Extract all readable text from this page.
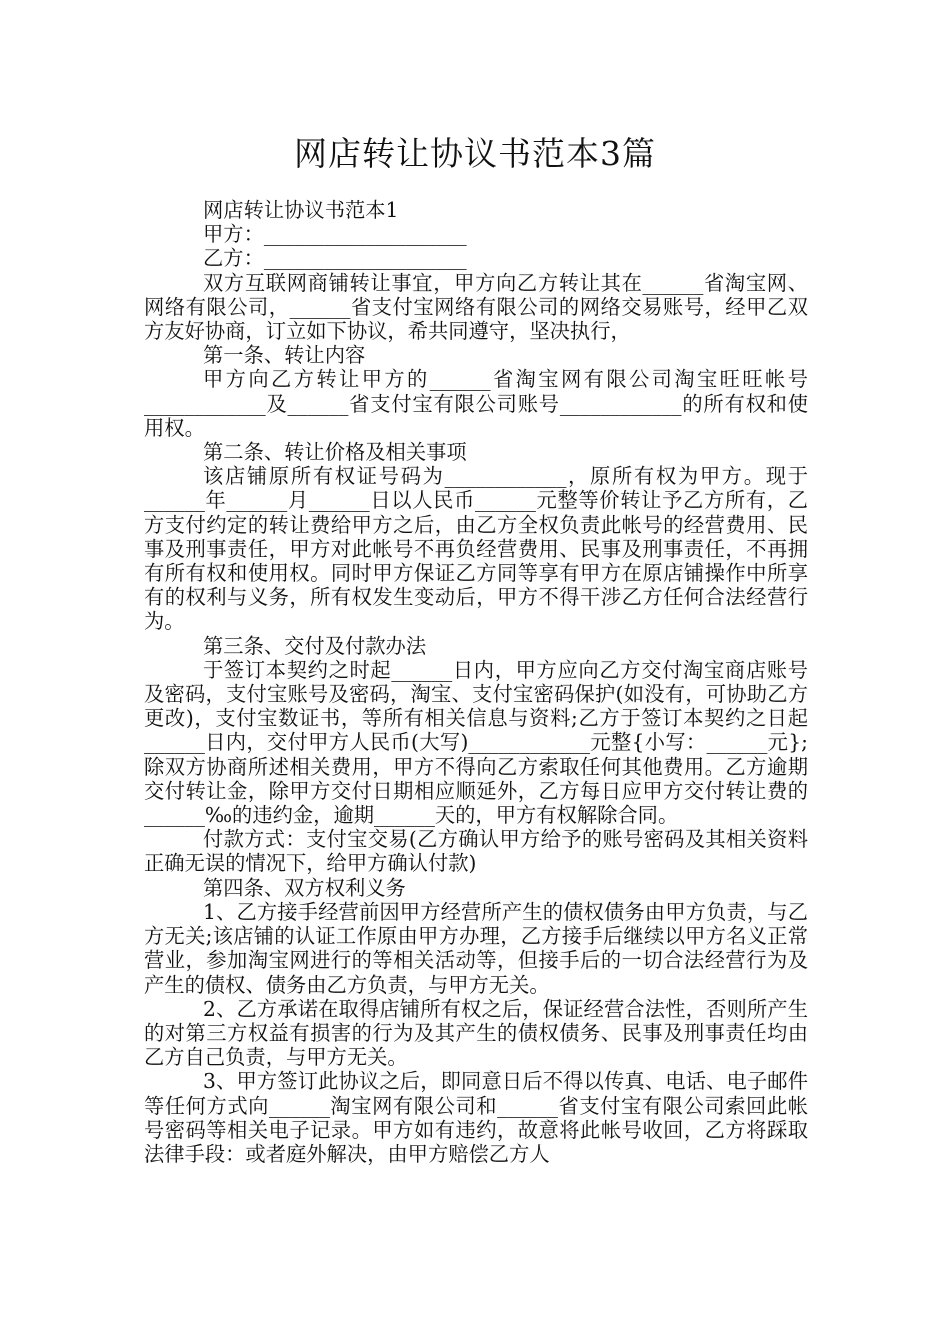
网店转让协议书范本3篇

网店转让协议书范本1

甲方：____________________

乙方：____________________

双方互联网商铺转让事宜，甲方向乙方转让其在______省淘宝网、网络有限公司，______省支付宝网络有限公司的网络交易账号，经甲乙双方友好协商，订立如下协议，希共同遵守，坚决执行，

第一条、转让内容

甲方向乙方转让甲方的______省淘宝网有限公司淘宝旺旺帐号____________及______省支付宝有限公司账号____________的所有权和使用权。

第二条、转让价格及相关事项

该店铺原所有权证号码为____________，原所有权为甲方。现于______年______月______日以人民币______元整等价转让予乙方所有，乙方支付约定的转让费给甲方之后，由乙方全权负责此帐号的经营费用、民事及刑事责任，甲方对此帐号不再负经营费用、民事及刑事责任，不再拥有所有权和使用权。同时甲方保证乙方同等享有甲方在原店铺操作中所享有的权利与义务，所有权发生变动后，甲方不得干涉乙方任何合法经营行为。

第三条、交付及付款办法

于签订本契约之时起______日内，甲方应向乙方交付淘宝商店账号及密码，支付宝账号及密码，淘宝、支付宝密码保护(如没有，可协助乙方更改)，支付宝数证书，等所有相关信息与资料;乙方于签订本契约之日起______日内，交付甲方人民币(大写)____________元整{小写：______元};除双方协商所述相关费用，甲方不得向乙方索取任何其他费用。乙方逾期交付转让金，除甲方交付日期相应顺延外，乙方每日应甲方交付转让费的______‰的违约金，逾期______天的，甲方有权解除合同。

付款方式：支付宝交易(乙方确认甲方给予的账号密码及其相关资料正确无误的情况下，给甲方确认付款)

第四条、双方权利义务

1、乙方接手经营前因甲方经营所产生的债权债务由甲方负责，与乙方无关;该店铺的认证工作原由甲方办理，乙方接手后继续以甲方名义正常营业，参加淘宝网进行的等相关活动等，但接手后的一切合法经营行为及产生的债权、债务由乙方负责，与甲方无关。

2、乙方承诺在取得店铺所有权之后，保证经营合法性，否则所产生的对第三方权益有损害的行为及其产生的债权债务、民事及刑事责任均由乙方自己负责，与甲方无关。

3、甲方签订此协议之后，即同意日后不得以传真、电话、电子邮件等任何方式向______淘宝网有限公司和______省支付宝有限公司索回此帐号密码等相关电子记录。甲方如有违约，故意将此帐号收回，乙方将踩取法律手段：或者庭外解决，由甲方赔偿乙方人
